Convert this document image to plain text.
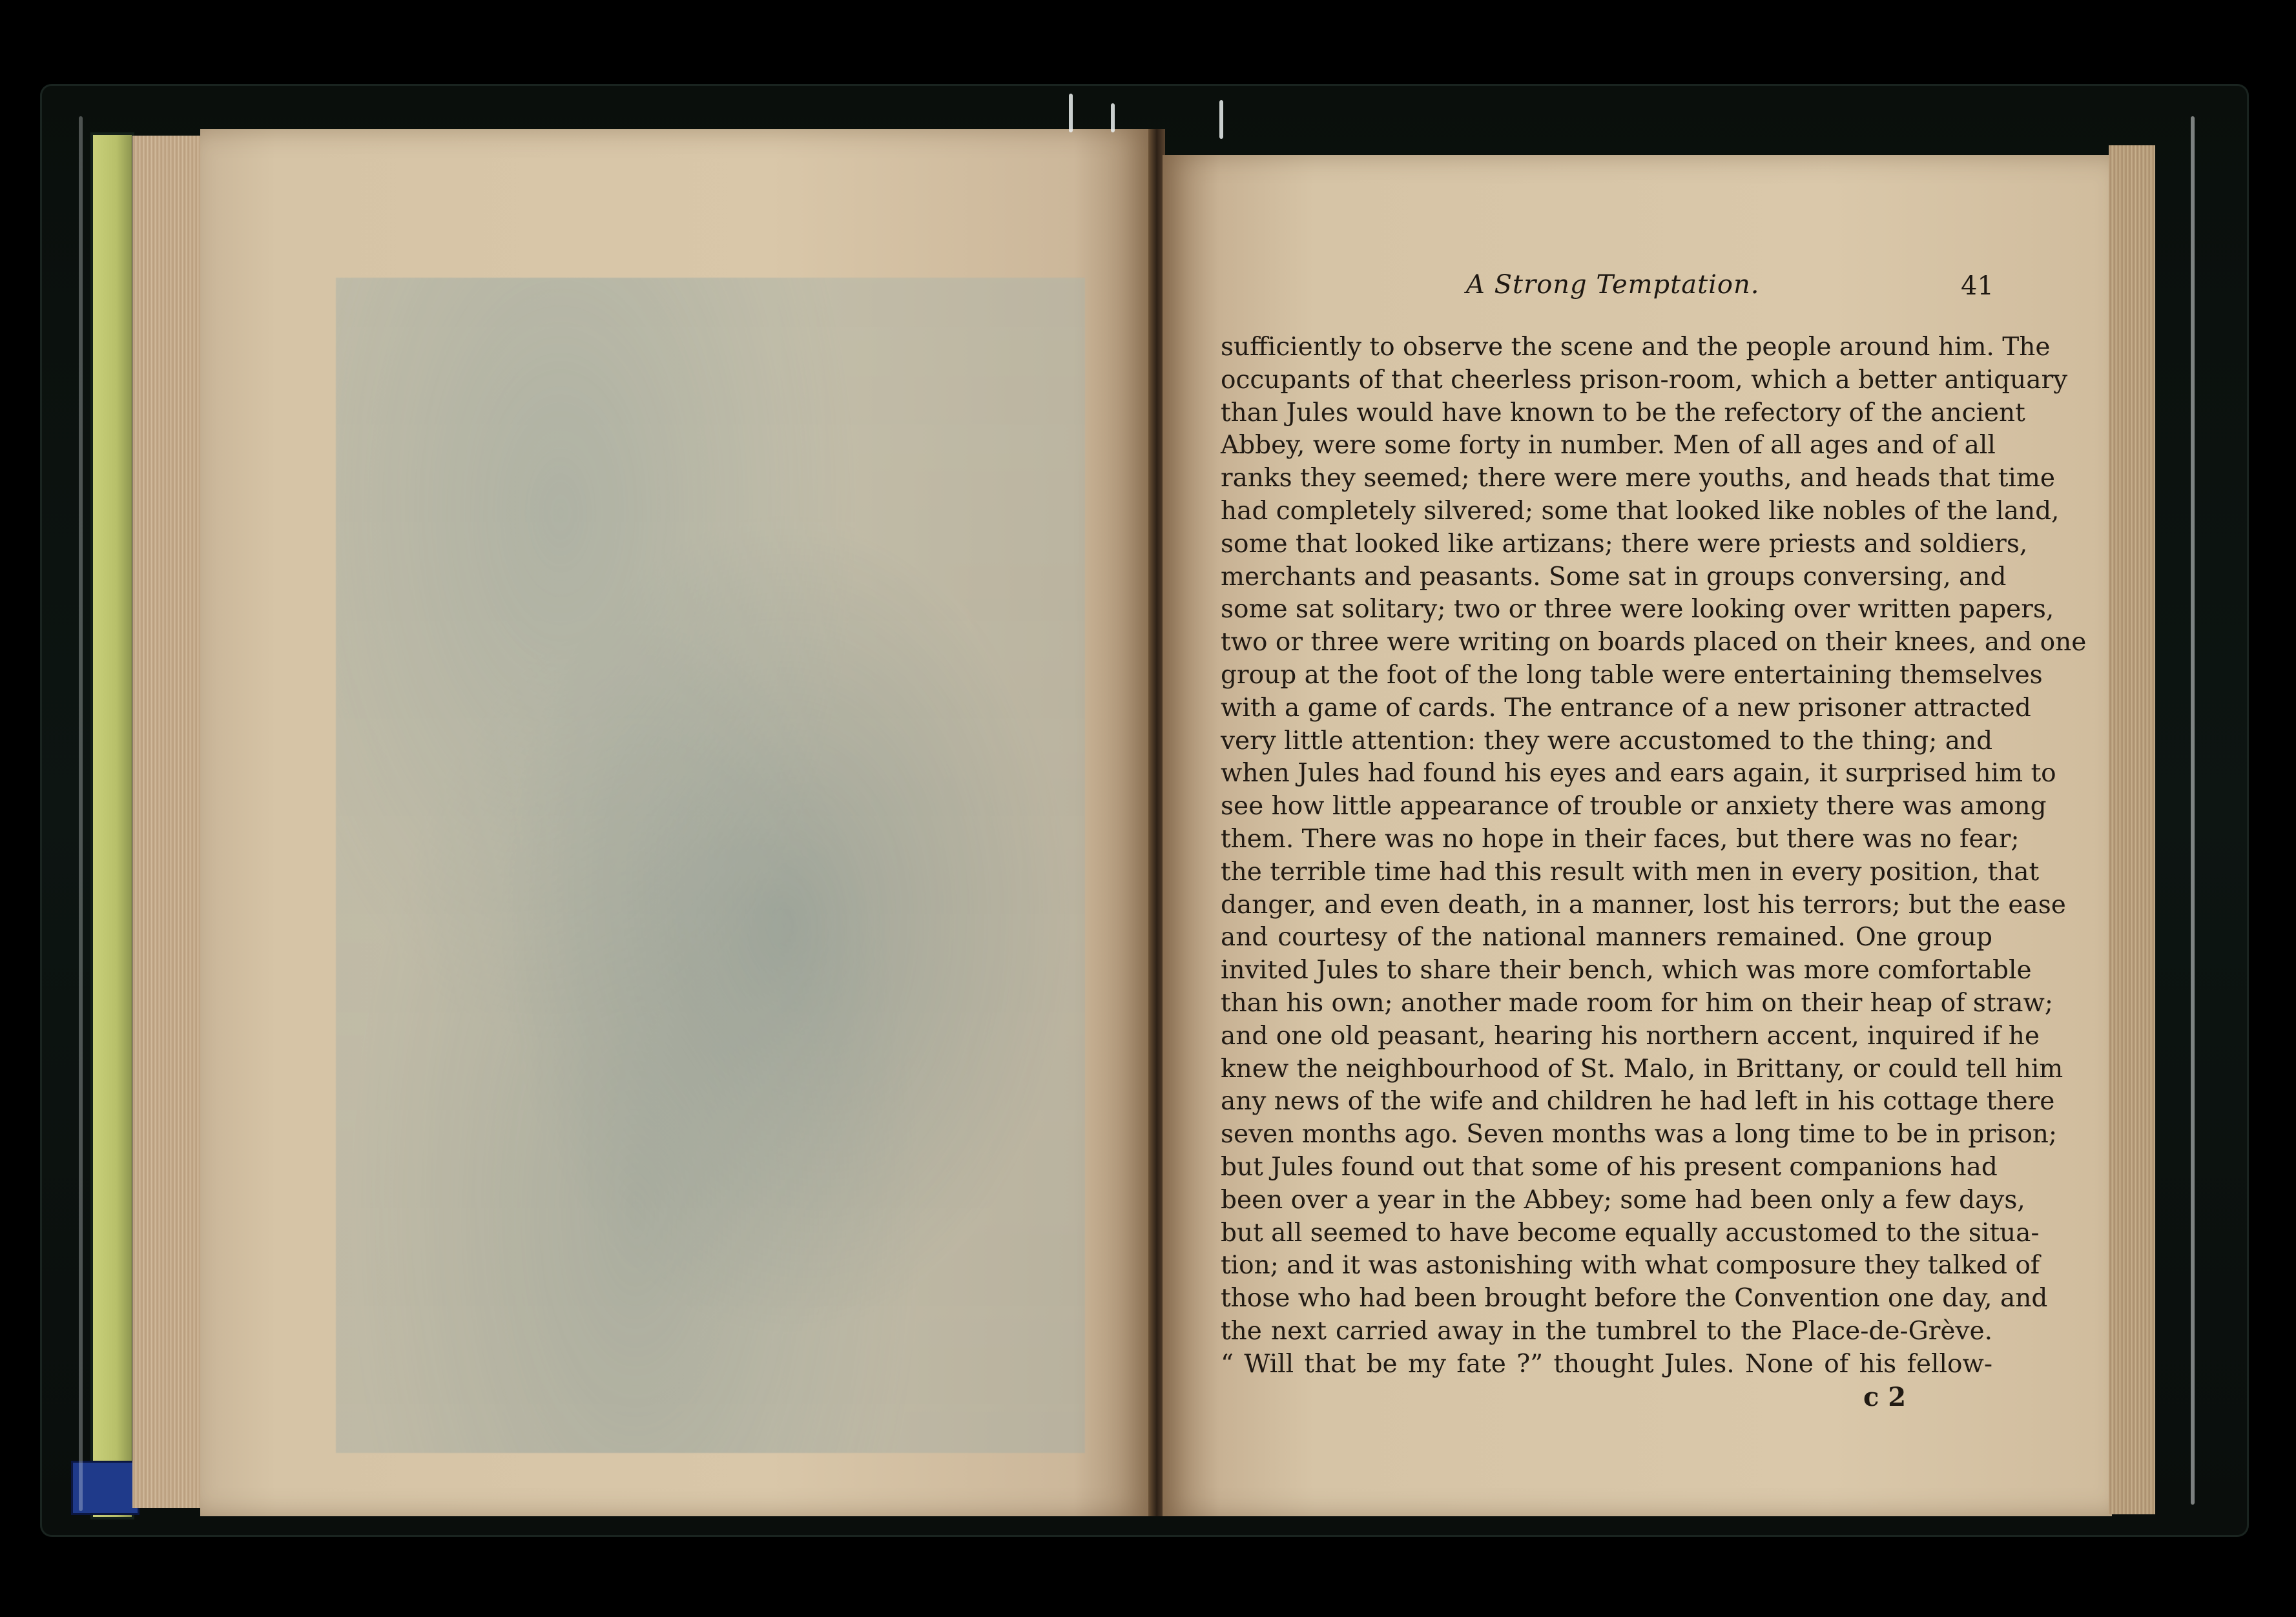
A Strong Temptation.	41
sufficiently to observe the scene and the people around him. The
occupants of that cheerless prison-room, which a better antiquary
than Jules would have known to be the refectory of the ancient
Abbey, were some forty in number. Men of all ages and of all
ranks they seemed; there were mere youths, and heads that time
had completely silvered; some that looked like nobles of the land,
some that looked like artizans; there were priests and soldiers,
merchants and peasants. Some sat in groups conversing, and
some sat solitary; two or three were looking over written papers,
two or three were writing on boards placed on their knees, and one
group at the foot of the long table were entertaining themselves
with a game of cards. The entrance of a new prisoner attracted
very little attention: they were accustomed to the thing; and
when Jules had found his eyes and ears again, it surprised him to
see how little appearance of trouble or anxiety there was among
them. There was no hope in their faces, but there was no fear;
the terrible time had this result with men in every position, that
danger, and even death, in a manner, lost his terrors; but the ease
and courtesy of the national manners remained. One group
invited Jules to share their bench, which was more comfortable
than his own; another made room for him on their heap of straw;
and one old peasant, hearing his northern accent, inquired if he
knew the neighbourhood of St. Malo, in Brittany, or could tell him
any news of the wife and children he had left in his cottage there
seven months ago. Seven months was a long time to be in prison;
but Jules found out that some of his present companions had
been over a year in the Abbey; some had been only a few days,
but all seemed to have become equally accustomed to the situa-
tion; and it was astonishing with what composure they talked of
those who had been brought before the Convention one day, and
the next carried away in the tumbrel to the Place-de-Grève.
“ Will that be my fate ?” thought Jules. None of his fellow-
c 2
